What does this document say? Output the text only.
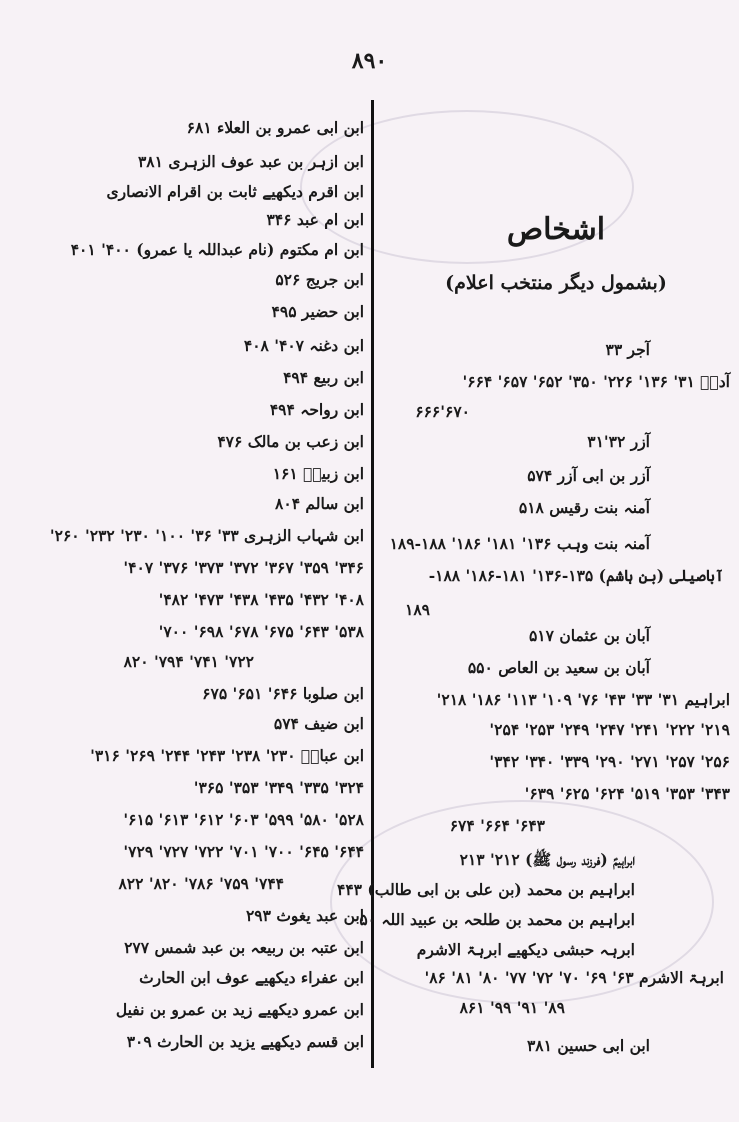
٨٩٠
اشخاص
(بشمول دیگر منتخب اعلام)
آجر ۳۳
آدمؑ ۳۱' ۱۳۶' ۲۲۶' ۳۵۰' ۶۵۲' ۶۵۷' ۶۶۴'
۶۷۰'۶۶۶
آزر ۳۲'۳۱
آزر بن ابی آزر ۵۷۴
آمنہ بنت رقیس ۵۱۸
آمنہ بنت وہب ۱۳۶' ۱۸۱' ۱۸۶' ۱۸۸-۱۸۹
آباصیلی (بن ہاشم) ۱۳۵-۱۳۶' ۱۸۱-۱۸۶' ۱۸۸-
۱۸۹
آبان بن عثمان ۵۱۷
آبان بن سعید بن العاص ۵۵۰
ابراہیم ۳۱' ۳۳' ۴۳' ۷۶' ۱۰۹' ۱۱۳' ۱۸۶' ۲۱۸'
۲۱۹' ۲۲۲' ۲۴۱' ۲۴۷' ۲۴۹' ۲۵۳' ۲۵۴'
۲۵۶' ۲۵۷' ۲۷۱' ۲۹۰' ۳۳۹' ۳۴۰' ۳۴۲'
۳۴۳' ۳۵۳' ۵۱۹' ۶۲۴' ۶۲۵' ۶۳۹'
۶۴۳' ۶۶۴' ۶۷۴
ابراہیمؑ (فرزند رسول ﷺ) ۲۱۲' ۲۱۳
ابراہیم بن محمد (بن علی بن ابی طالب) ۴۴۳
ابراہیم بن محمد بن طلحہ بن عبید اللہ ۵۰
ابرہہ حبشی دیکھیے ابرہۃ الاشرم
ابرہۃ الاشرم ۶۳' ۶۹' ۷۰' ۷۲' ۷۷' ۸۰' ۸۱' ۸۶'
۸۹' ۹۱' ۹۹' ۸۶۱
ابن ابی حسین ۳۸۱
ابن ابی عمرو بن العلاء ۶۸۱
ابن ازہر بن عبد عوف الزہری ۳۸۱
ابن اقرم دیکھیے ثابت بن اقرام الانصاری
ابن ام عبد ۳۴۶
ابن ام مکتوم (نام عبداللہ یا عمرو) ۴۰۰' ۴۰۱
ابن جریج ۵۲۶
ابن حضیر ۴۹۵
ابن دغنہ ۴۰۷' ۴۰۸
ابن ربیع ۴۹۴
ابن رواحہ ۴۹۴
ابن زعب بن مالک ۴۷۶
ابن زبیرؓ ۱۶۱
ابن سالم ۸۰۴
ابن شہاب الزہری ۳۳' ۳۶' ۱۰۰' ۲۳۰' ۲۳۲' ۲۶۰'
۳۴۶' ۳۵۹' ۳۶۷' ۳۷۲' ۳۷۳' ۳۷۶' ۴۰۷'
۴۰۸' ۴۳۲' ۴۳۵' ۴۳۸' ۴۷۳' ۴۸۲'
۵۳۸' ۶۴۳' ۶۷۵' ۶۷۸' ۶۹۸' ۷۰۰'
۷۲۲' ۷۴۱' ۷۹۴' ۸۲۰
ابن صلوبا ۶۴۶' ۶۵۱' ۶۷۵
ابن ضیف ۵۷۴
ابن عباسؓ ۲۳۰' ۲۳۸' ۲۴۳' ۲۴۴' ۲۶۹' ۳۱۶'
۳۲۴' ۳۳۵' ۳۴۹' ۳۵۳' ۳۶۵'
۵۲۸' ۵۸۰' ۵۹۹' ۶۰۳' ۶۱۲' ۶۱۳' ۶۱۵'
۶۴۴' ۶۴۵' ۷۰۰' ۷۰۱' ۷۲۲' ۷۲۷' ۷۲۹'
۷۴۴' ۷۵۹' ۷۸۶' ۸۲۰' ۸۲۲
ابن عبد یغوث ۲۹۳
ابن عتبہ بن ربیعہ بن عبد شمس ۲۷۷
ابن عفراء دیکھیے عوف ابن الحارث
ابن عمرو دیکھیے زید بن عمرو بن نفیل
ابن قسم دیکھیے یزید بن الحارث ۳۰۹
